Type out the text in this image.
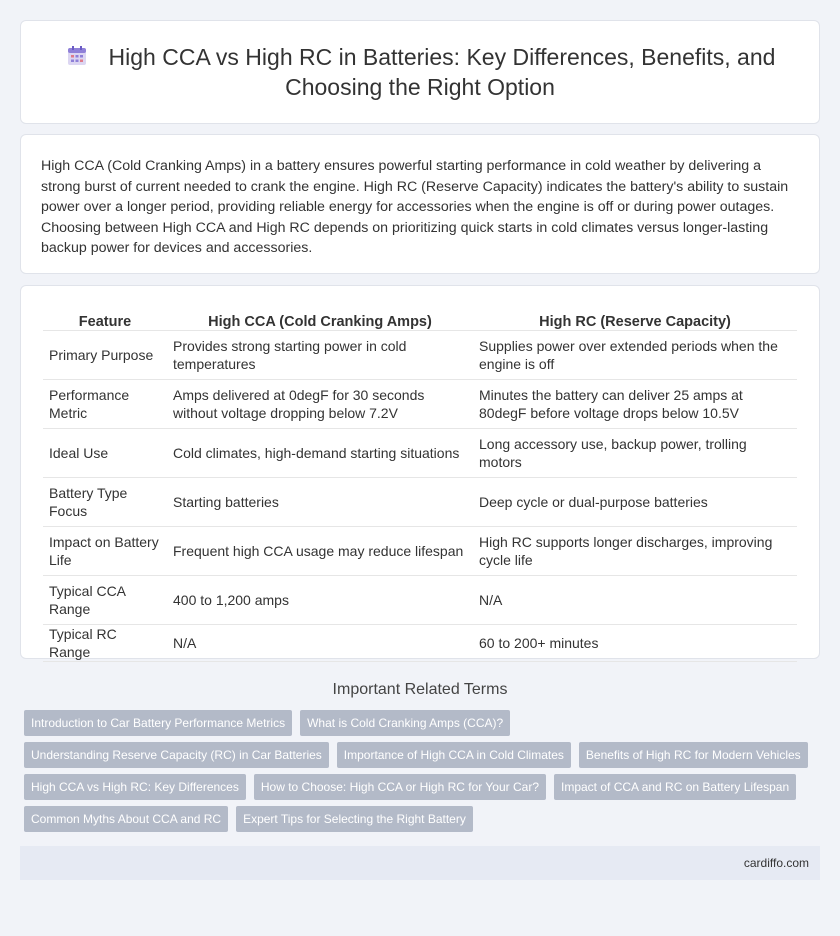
High CCA vs High RC in Batteries: Key Differences, Benefits, and Choosing the Right Option

High CCA (Cold Cranking Amps) in a battery ensures powerful starting performance in cold weather by delivering a strong burst of current needed to crank the engine. High RC (Reserve Capacity) indicates the battery's ability to sustain power over a longer period, providing reliable energy for accessories when the engine is off or during power outages. Choosing between High CCA and High RC depends on prioritizing quick starts in cold climates versus longer-lasting backup power for devices and accessories.

Feature	High CCA (Cold Cranking Amps)	High RC (Reserve Capacity)
Primary Purpose	Provides strong starting power in cold temperatures	Supplies power over extended periods when the engine is off
Performance Metric	Amps delivered at 0degF for 30 seconds without voltage dropping below 7.2V	Minutes the battery can deliver 25 amps at 80degF before voltage drops below 10.5V
Ideal Use	Cold climates, high-demand starting situations	Long accessory use, backup power, trolling motors
Battery Type Focus	Starting batteries	Deep cycle or dual-purpose batteries
Impact on Battery Life	Frequent high CCA usage may reduce lifespan	High RC supports longer discharges, improving cycle life
Typical CCA Range	400 to 1,200 amps	N/A
Typical RC Range	N/A	60 to 200+ minutes
Important Related Terms
Introduction to Car Battery Performance Metrics	What is Cold Cranking Amps (CCA)?
Understanding Reserve Capacity (RC) in Car Batteries	Importance of High CCA in Cold Climates	Benefits of High RC for Modern Vehicles
High CCA vs High RC: Key Differences	How to Choose: High CCA or High RC for Your Car?	Impact of CCA and RC on Battery Lifespan
Common Myths About CCA and RC	Expert Tips for Selecting the Right Battery
cardiffo.com
